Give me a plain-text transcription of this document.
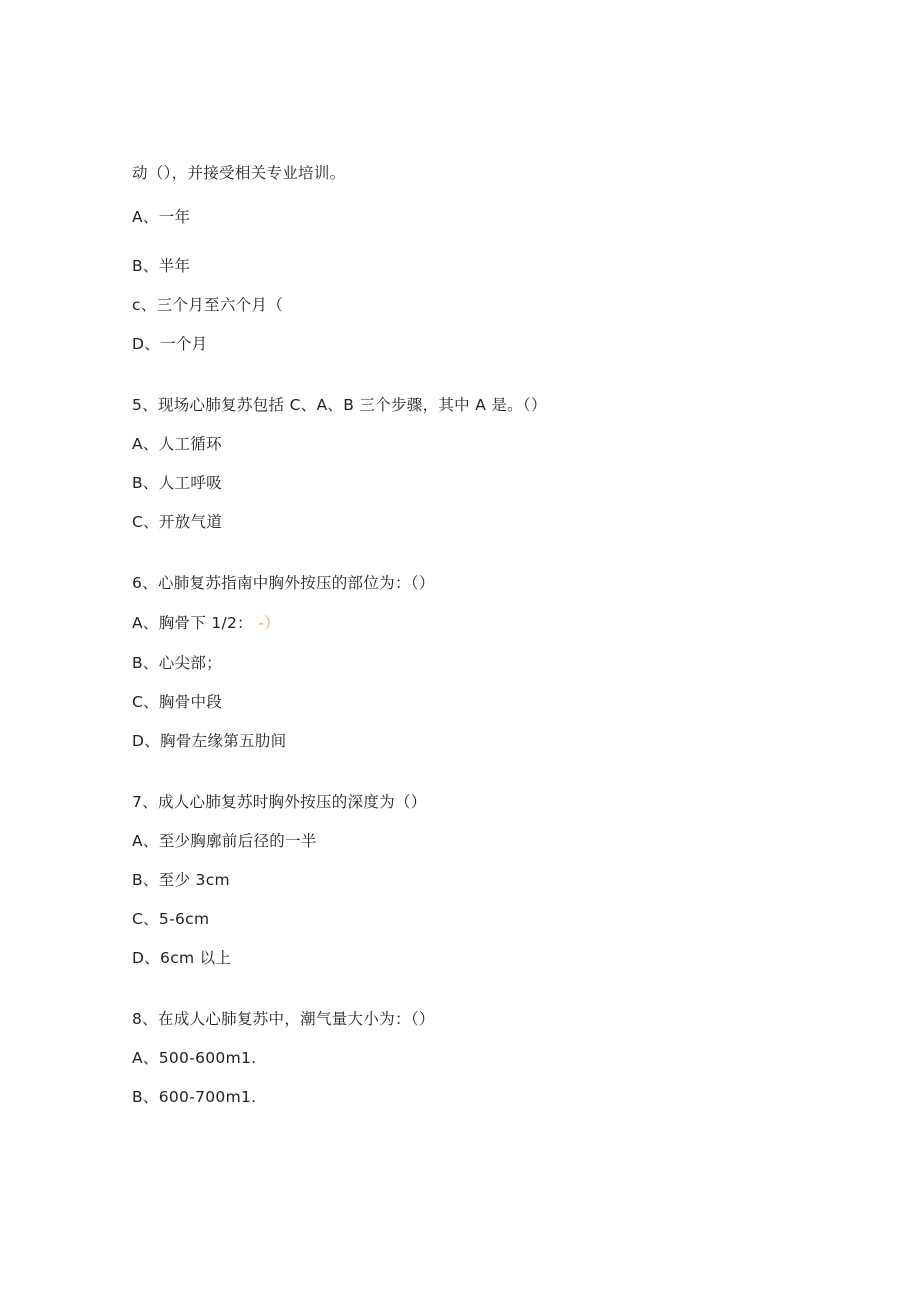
动（），并接受相关专业培训。
A、一年
B、半年
c、三个月至六个月（
D、一个月
5、现场心肺复苏包括 C、A、B 三个步骤，其中 A 是。（）
A、人工循环
B、人工呼吸
C、开放气道
6、心肺复苏指南中胸外按压的部位为：（）
A、胸骨下 1/2： -）
B、心尖部；
C、胸骨中段
D、胸骨左缘第五肋间
7、成人心肺复苏时胸外按压的深度为（）
A、至少胸廓前后径的一半
B、至少 3cm
C、5-6cm
D、6cm 以上
8、在成人心肺复苏中，潮气量大小为：（）
A、500-600m1.
B、600-700m1.
